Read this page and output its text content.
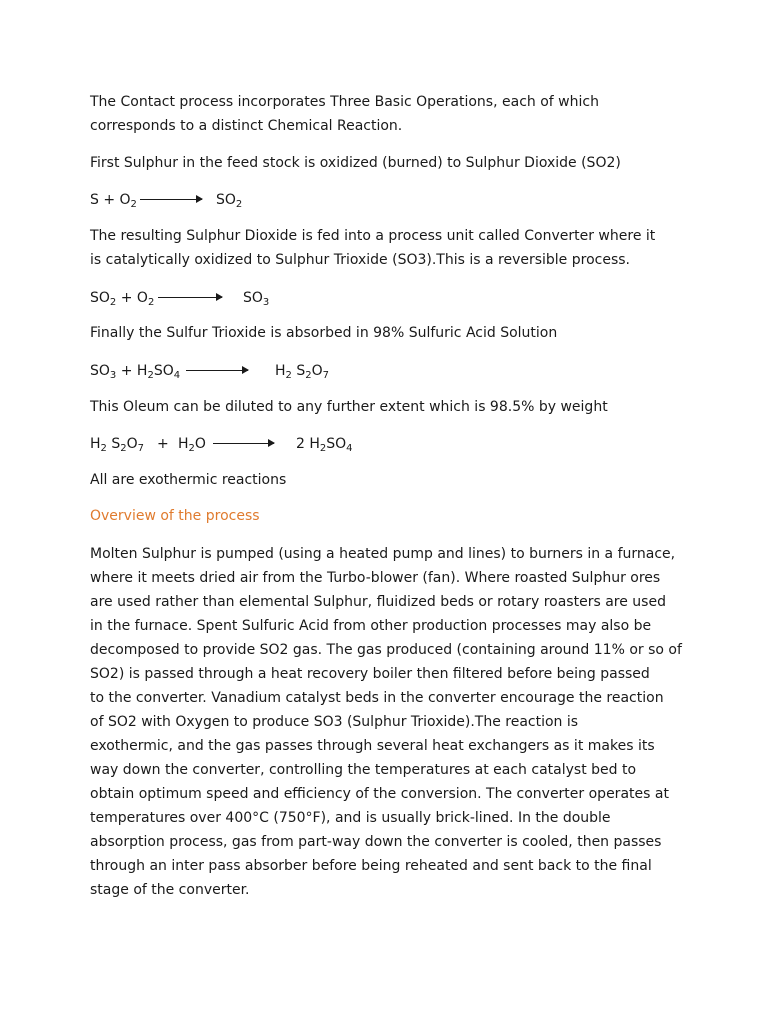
The Contact process incorporates Three Basic Operations, each of which
corresponds to a distinct Chemical Reaction.
First Sulphur in the feed stock is oxidized (burned) to Sulphur Dioxide (SO2)
$S + O_2$	$SO_2$
The resulting Sulphur Dioxide is fed into a process unit called Converter where it
is catalytically oxidized to Sulphur Trioxide (SO3).This is a reversible process.
$SO_2 + O_2$	$SO_3$
Finally the Sulfur Trioxide is absorbed in 98% Sulfuric Acid Solution
$SO_3 + H_2SO_4$	$H_2$ $S_2O_7$
This Oleum can be diluted to any further extent which is 98.5% by weight
$H_2$ $S_2O_7 + H_2O$	2 $H_2SO_4$
All are exothermic reactions
Overview of the process
Molten Sulphur is pumped (using a heated pump and lines) to burners in a furnace,
where it meets dried air from the Turbo-blower (fan). Where roasted Sulphur ores
are used rather than elemental Sulphur, fluidized beds or rotary roasters are used
in the furnace. Spent Sulfuric Acid from other production processes may also be
decomposed to provide SO2 gas. The gas produced (containing around 11% or so of
SO2) is passed through a heat recovery boiler then filtered before being passed
to the converter. Vanadium catalyst beds in the converter encourage the reaction
of SO2 with Oxygen to produce SO3 (Sulphur Trioxide).The reaction is
exothermic, and the gas passes through several heat exchangers as it makes its
way down the converter, controlling the temperatures at each catalyst bed to
obtain optimum speed and efficiency of the conversion. The converter operates at
temperatures over 400°C (750°F), and is usually brick-lined. In the double
absorption process, gas from part-way down the converter is cooled, then passes
through an inter pass absorber before being reheated and sent back to the final
stage of the converter.
